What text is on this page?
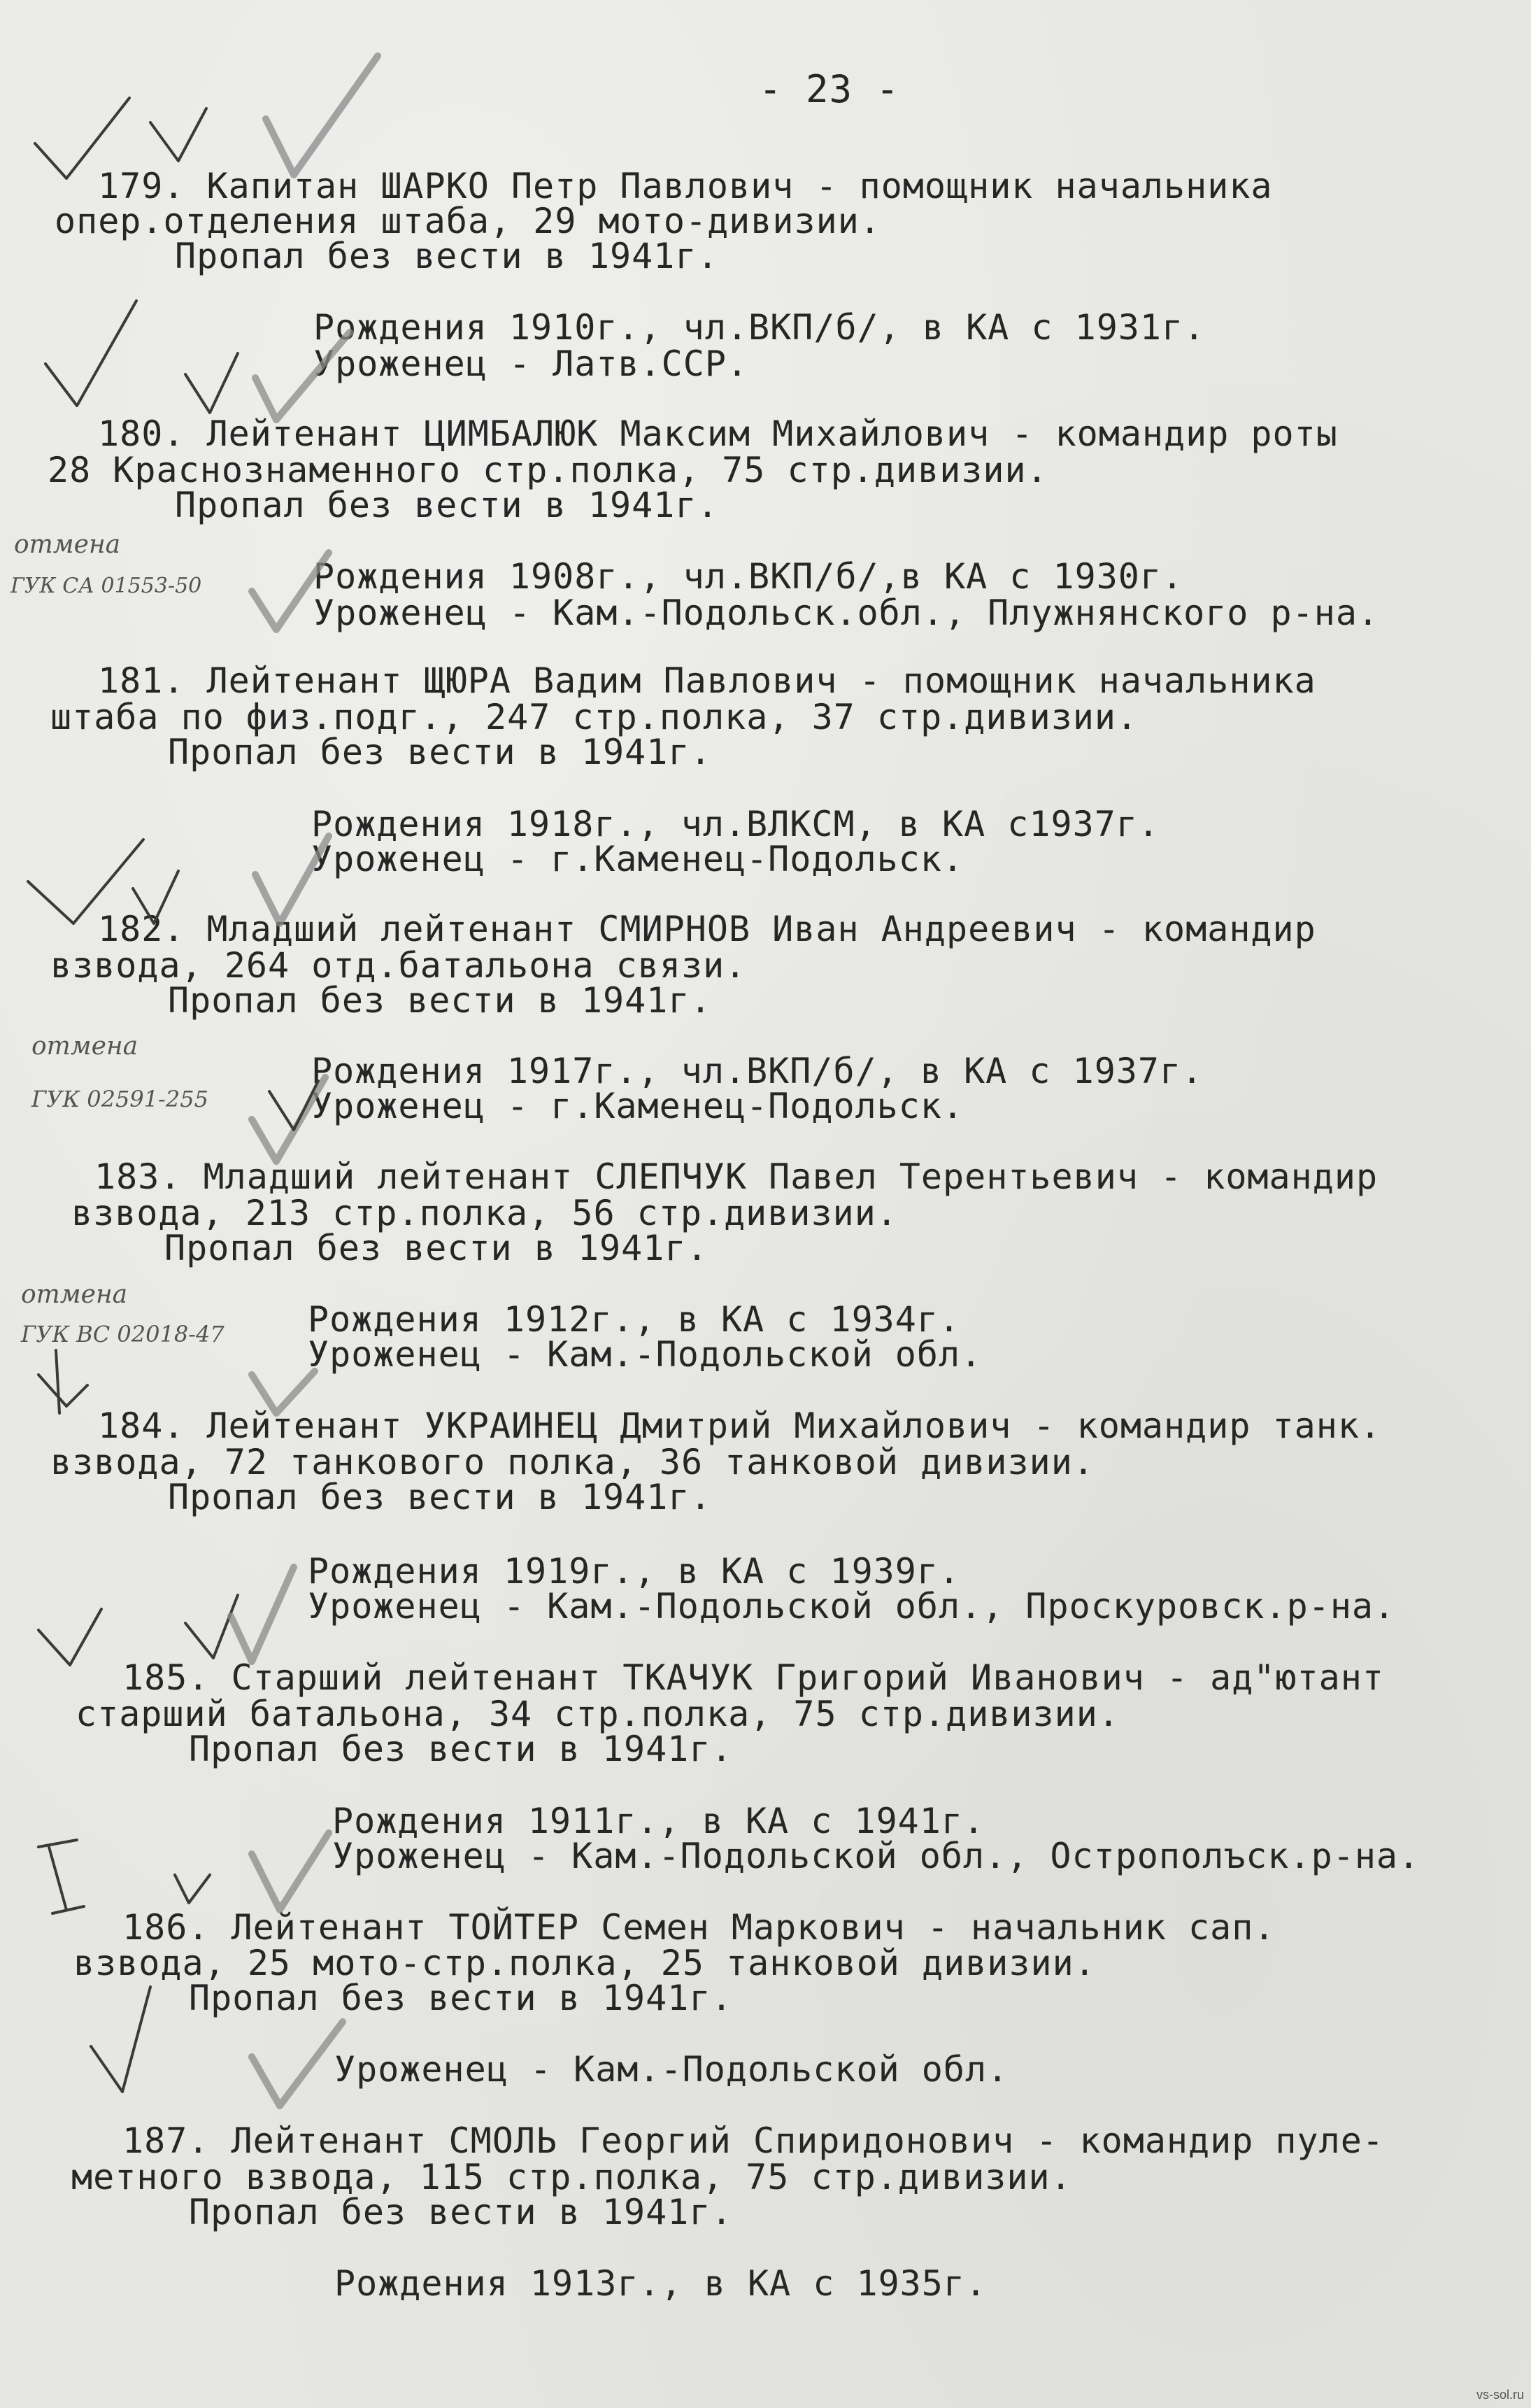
- 23 -
179. Капитан ШАРКО Петр Павлович - помощник начальника
опер.отделения штаба, 29 мото-дивизии.
Пропал без вести в 1941г.
Рождения 1910г., чл.ВКП/б/, в КА с 1931г.
Уроженец - Латв.ССР.
180. Лейтенант ЦИМБАЛЮК Максим Михайлович - командир роты
28 Краснознаменного стр.полка, 75 стр.дивизии.
Пропал без вести в 1941г.
Рождения 1908г., чл.ВКП/б/,в КА с 1930г.
Уроженец - Кам.-Подольск.обл., Плужнянского р-на.
181. Лейтенант ЩЮРА Вадим Павлович - помощник начальника
штаба по физ.подг., 247 стр.полка, 37 стр.дивизии.
Пропал без вести в 1941г.
Рождения 1918г., чл.ВЛКСМ, в КА с1937г.
Уроженец - г.Каменец-Подольск.
182. Младший лейтенант СМИРНОВ Иван Андреевич - командир
взвода, 264 отд.батальона связи.
Пропал без вести в 1941г.
Рождения 1917г., чл.ВКП/б/, в КА с 1937г.
Уроженец - г.Каменец-Подольск.
183. Младший лейтенант СЛЕПЧУК Павел Терентьевич - командир
взвода, 213 стр.полка, 56 стр.дивизии.
Пропал без вести в 1941г.
Рождения 1912г., в КА с 1934г.
Уроженец - Кам.-Подольской обл.
184. Лейтенант УКРАИНЕЦ Дмитрий Михайлович - командир танк.
взвода, 72 танкового полка, 36 танковой дивизии.
Пропал без вести в 1941г.
Рождения 1919г., в КА с 1939г.
Уроженец - Кам.-Подольской обл., Проскуровск.р-на.
185. Старший лейтенант ТКАЧУК Григорий Иванович - ад"ютант
старший батальона, 34 стр.полка, 75 стр.дивизии.
Пропал без вести в 1941г.
Рождения 1911г., в КА с 1941г.
Уроженец - Кам.-Подольской обл., Острополъск.р-на.
186. Лейтенант ТОЙТЕР Семен Маркович - начальник сап.
взвода, 25 мото-стр.полка, 25 танковой дивизии.
Пропал без вести в 1941г.
Уроженец - Кам.-Подольской обл.
187. Лейтенант СМОЛЬ Георгий Спиридонович - командир пуле-
метного взвода, 115 стр.полка, 75 стр.дивизии.
Пропал без вести в 1941г.
Рождения 1913г., в КА с 1935г.
отмена
ГУК СА 01553-50
отмена
ГУК 02591-255
отмена
ГУК ВС 02018-47
vs-sol.ru
